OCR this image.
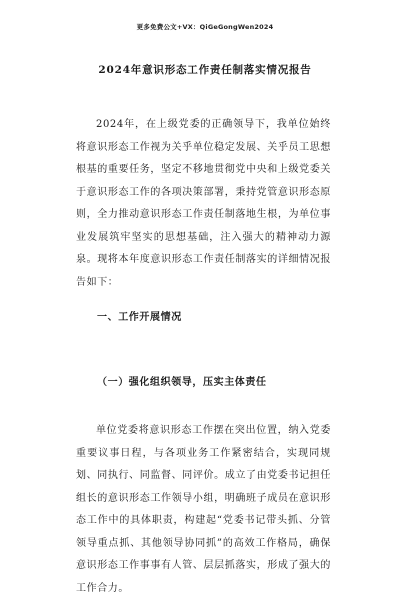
更多免费公文+VX：QiGeGongWen2024
2024年意识形态工作责任制落实情况报告

2024年，在上级党委的正确领导下，我单位始终将意识形态工作视为关乎单位稳定发展、关乎员工思想根基的重要任务，坚定不移地贯彻党中央和上级党委关于意识形态工作的各项决策部署，秉持党管意识形态原则，全力推动意识形态工作责任制落地生根，为单位事业发展筑牢坚实的思想基础，注入强大的精神动力源泉。现将本年度意识形态工作责任制落实的详细情况报告如下：

一、工作开展情况
（一）强化组织领导，压实主体责任

单位党委将意识形态工作摆在突出位置，纳入党委重要议事日程，与各项业务工作紧密结合，实现同规划、同执行、同监督、同评价。成立了由党委书记担任组长的意识形态工作领导小组，明确班子成员在意识形态工作中的具体职责，构建起“党委书记带头抓、分管领导重点抓、其他领导协同抓”的高效工作格局，确保意识形态工作事事有人管、层层抓落实，形成了强大的工作合力。
